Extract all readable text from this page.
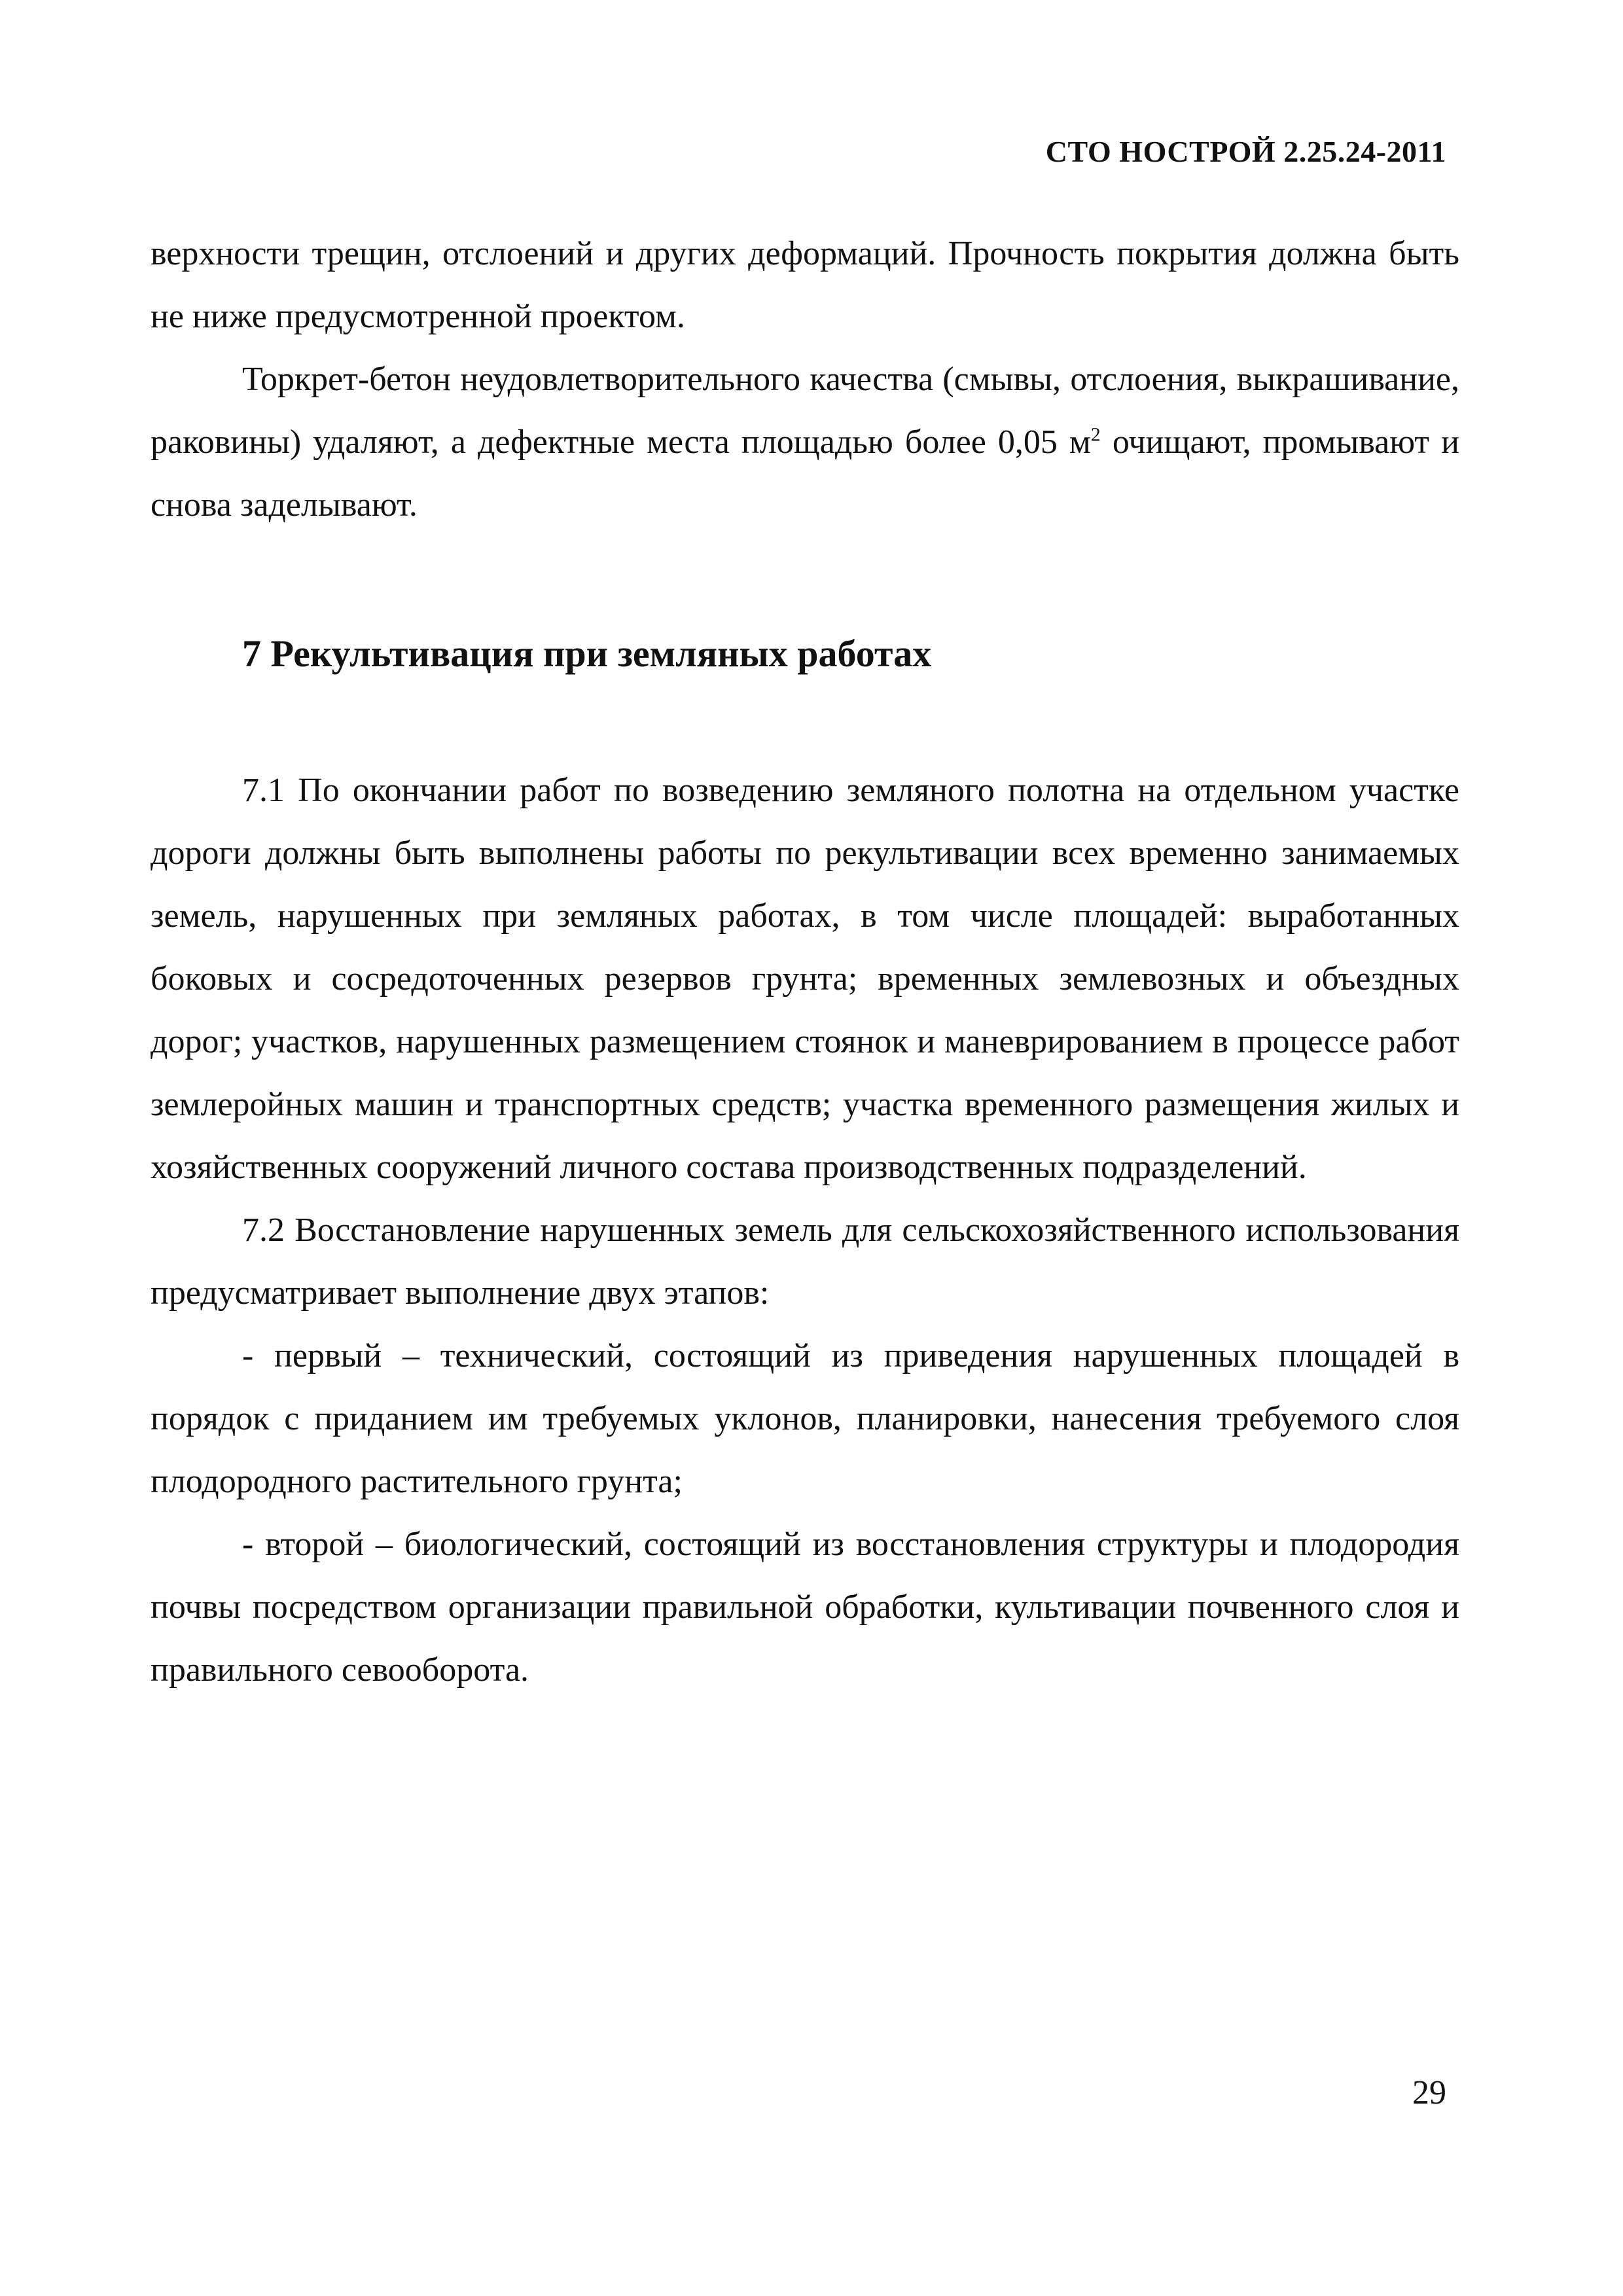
СТО НОСТРОЙ 2.25.24-2011

верхности трещин, отслоений и других деформаций. Прочность покрытия должна быть не ниже предусмотренной проектом.

Торкрет-бетон неудовлетворительного качества (смывы, отслоения, выкрашивание, раковины) удаляют, а дефектные места площадью более 0,05 $м^2$ очищают, промывают и снова заделывают.

7 Рекультивация при земляных работах

7.1 По окончании работ по возведению земляного полотна на отдельном участке дороги должны быть выполнены работы по рекультивации всех временно занимаемых земель, нарушенных при земляных работах, в том числе площадей: выработанных боковых и сосредоточенных резервов грунта; временных землевозных и объездных дорог; участков, нарушенных размещением стоянок и маневрированием в процессе работ землеройных машин и транспортных средств; участка временного размещения жилых и хозяйственных сооружений личного состава производственных подразделений.

7.2 Восстановление нарушенных земель для сельскохозяйственного использования предусматривает выполнение двух этапов:

- первый – технический, состоящий из приведения нарушенных площадей в порядок с приданием им требуемых уклонов, планировки, нанесения требуемого слоя плодородного растительного грунта;

- второй – биологический, состоящий из восстановления структуры и плодородия почвы посредством организации правильной обработки, культивации почвенного слоя и правильного севооборота.

29
